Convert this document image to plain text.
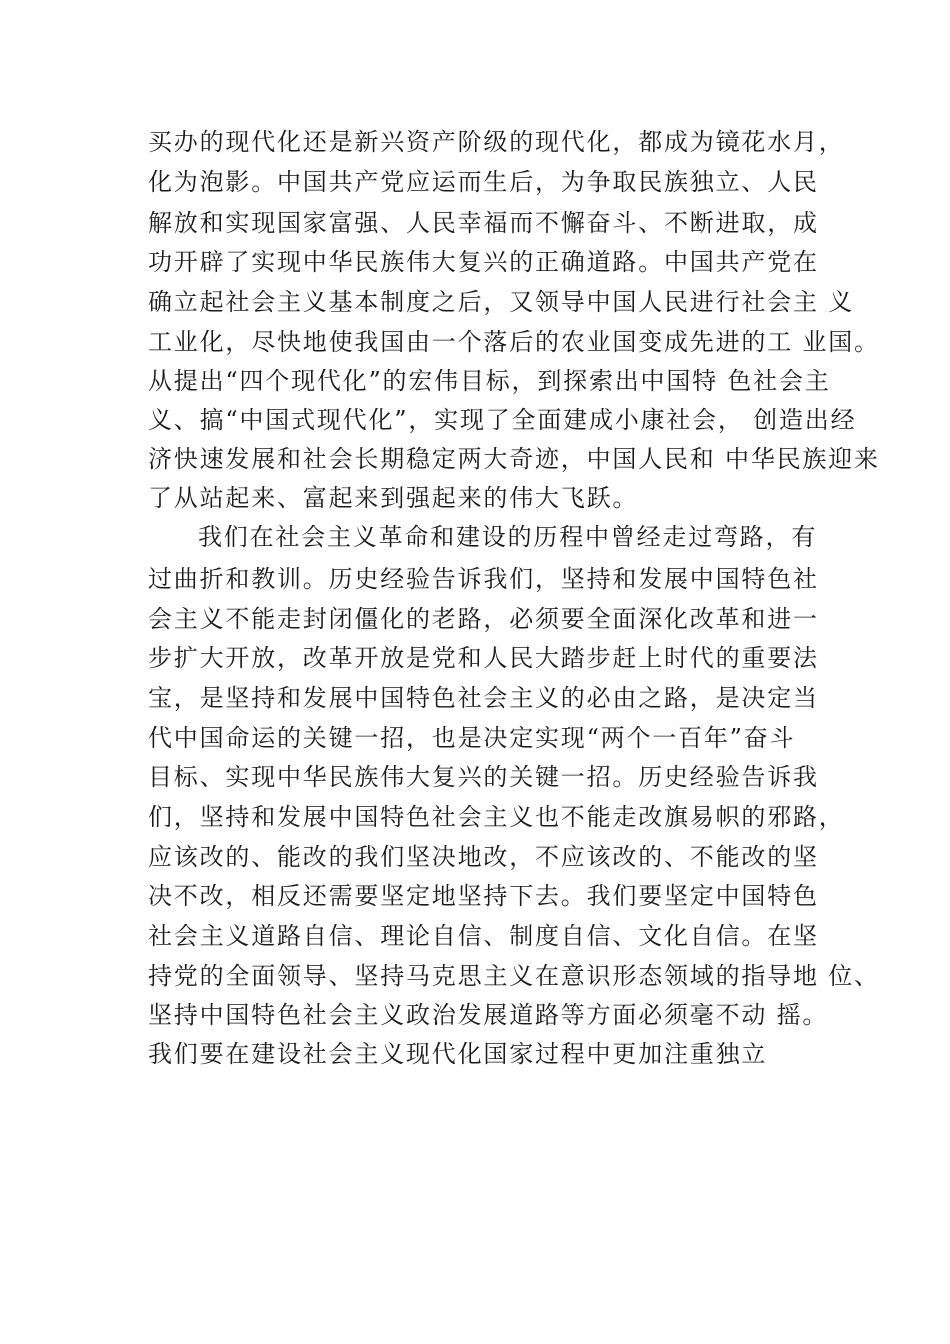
买办的现代化还是新兴资产阶级的现代化，都成为镜花水月，
化为泡影。中国共产党应运而生后，为争取民族独立、人民
解放和实现国家富强、人民幸福而不懈奋斗、不断进取，成
功开辟了实现中华民族伟大复兴的正确道路。中国共产党在
确立起社会主义基本制度之后，又领导中国人民进行社会主 义
工业化，尽快地使我国由一个落后的农业国变成先进的工 业国。
从提出“四个现代化”的宏伟目标，到探索出中国特 色社会主
义、搞“中国式现代化”，实现了全面建成小康社会， 创造出经
济快速发展和社会长期稳定两大奇迹，中国人民和 中华民族迎来
了从站起来、富起来到强起来的伟大飞跃。
我们在社会主义革命和建设的历程中曾经走过弯路，有
过曲折和教训。历史经验告诉我们，坚持和发展中国特色社
会主义不能走封闭僵化的老路，必须要全面深化改革和进一
步扩大开放，改革开放是党和人民大踏步赶上时代的重要法
宝，是坚持和发展中国特色社会主义的必由之路，是决定当
代中国命运的关键一招，也是决定实现“两个一百年”奋斗
目标、实现中华民族伟大复兴的关键一招。历史经验告诉我
们，坚持和发展中国特色社会主义也不能走改旗易帜的邪路，
应该改的、能改的我们坚决地改，不应该改的、不能改的坚
决不改，相反还需要坚定地坚持下去。我们要坚定中国特色
社会主义道路自信、理论自信、制度自信、文化自信。在坚
持党的全面领导、坚持马克思主义在意识形态领域的指导地 位、
坚持中国特色社会主义政治发展道路等方面必须毫不动 摇。
我们要在建设社会主义现代化国家过程中更加注重独立
